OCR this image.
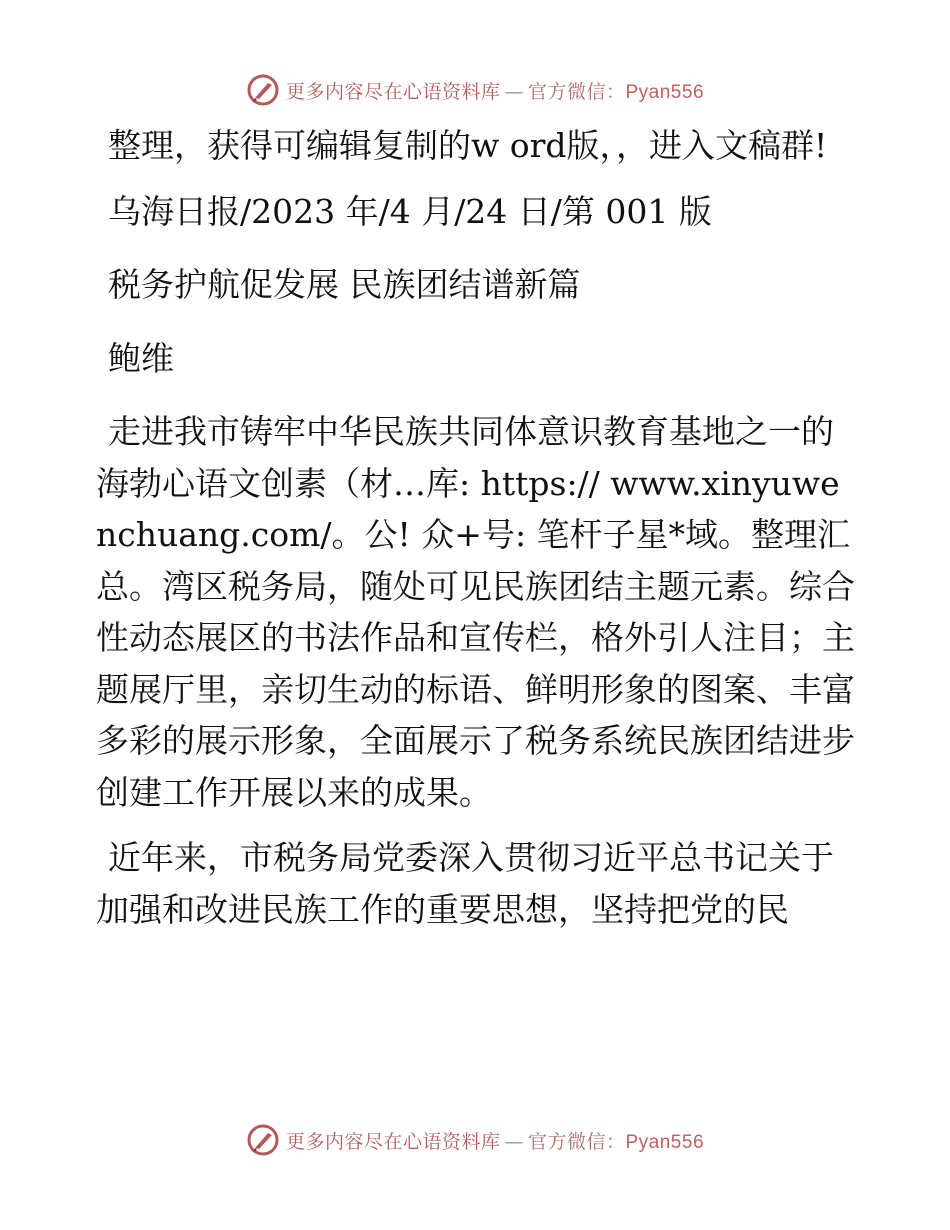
更多内容尽在心语资料库 — 官方微信：Pyan556

整理，获得可编辑复制的w ord版，，进入文稿群!

乌海日报/2023 年/4 月/24 日/第 001 版

税务护航促发展 民族团结谱新篇

鲍维

走进我市铸牢中华民族共同体意识教育基地之一的海勃心语文创素（材…库: https:// www.xinyuwenchuang.com/。公! 众+号: 笔杆子星*域。整理汇总。湾区税务局，随处可见民族团结主题元素。综合性动态展区的书法作品和宣传栏，格外引人注目；主题展厅里，亲切生动的标语、鲜明形象的图案、丰富多彩的展示形象，全面展示了税务系统民族团结进步创建工作开展以来的成果。

近年来，市税务局党委深入贯彻习近平总书记关于加强和改进民族工作的重要思想，坚持把党的民

更多内容尽在心语资料库 — 官方微信：Pyan556
